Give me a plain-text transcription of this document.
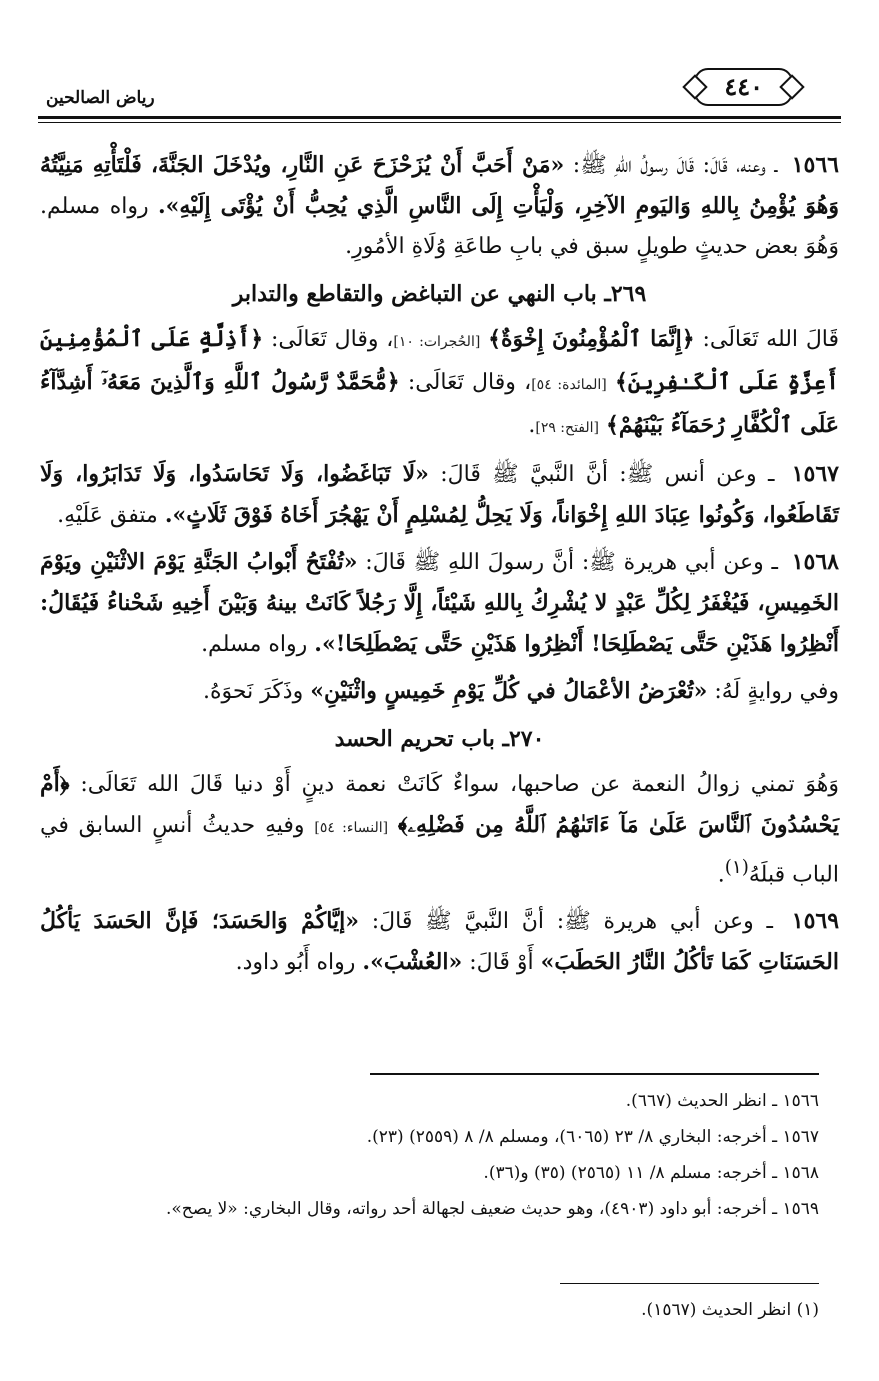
٤٤٠
رياض الصالحين

١٥٦٦ ـ وعنه، قَالَ: قَالَ رسولُ اللهِ ﷺ: «مَنْ أَحَبَّ أَنْ يُزَحْزَحَ عَنِ النَّارِ، ويُدْخَلَ الجَنَّةَ، فَلْتَأْتِهِ مَنِيَّتُهُ وَهُوَ يُؤْمِنُ بِاللهِ وَاليَومِ الآخِرِ، وَلْيَأْتِ إِلَى النَّاسِ الَّذِي يُحِبُّ أَنْ يُؤْتَى إِلَيْهِ». رواه مسلم. وَهُوَ بعض حديثٍ طويلٍ سبق في بابِ طاعَةِ وُلَاةِ الأمُورِ.

٢٦٩ـ باب النهي عن التباغض والتقاطع والتدابر

قَالَ الله تَعَالَى: ﴿إِنَّمَا ٱلْمُؤْمِنُونَ إِخْوَةٌ﴾ [الحُجرات: ١٠]، وقال تَعَالَى: ﴿أَذِلَّةٍ عَلَى ٱلْمُؤْمِنِينَ أَعِزَّةٍ عَلَى ٱلْكَـٰفِرِينَ﴾ [المائدة: ٥٤]، وقال تَعَالَى: ﴿مُّحَمَّدٌ رَّسُولُ ٱللَّهِ وَٱلَّذِينَ مَعَهُۥٓ أَشِدَّآءُ عَلَى ٱلْكُفَّارِ رُحَمَآءُ بَيْنَهُمْ﴾ [الفتح: ٢٩].

١٥٦٧ ـ وعن أنس ﷺ: أنَّ النَّبيَّ ﷺ قَالَ: «لَا تَبَاغَضُوا، وَلَا تَحَاسَدُوا، وَلَا تَدَابَرُوا، وَلَا تَقَاطَعُوا، وَكُونُوا عِبَادَ اللهِ إِخْوَاناً، وَلَا يَحِلُّ لِمُسْلِمٍ أَنْ يَهْجُرَ أَخَاهُ فَوْقَ ثَلَاثٍ». متفق عَلَيْهِ.

١٥٦٨ ـ وعن أبي هريرة ﷺ: أنَّ رسولَ اللهِ ﷺ قَالَ: «تُفْتَحُ أَبْوابُ الجَنَّةِ يَوْمَ الاثْنَيْنِ ويَوْمَ الخَمِيسِ، فَيُغْفَرُ لِكُلِّ عَبْدٍ لا يُشْرِكُ بِاللهِ شَيْئاً، إِلَّا رَجُلاً كَانَتْ بينهُ وَبَيْنَ أَخِيهِ شَحْناءُ فَيُقَالُ: أَنْظِرُوا هَذَيْنِ حَتَّى يَصْطَلِحَا! أَنْظِرُوا هَذَيْنِ حَتَّى يَصْطَلِحَا!». رواه مسلم.

وفي روايةٍ لَهُ: «تُعْرَضُ الأعْمَالُ في كُلِّ يَوْمِ خَمِيسٍ واثْنَيْنِ» وذَكَرَ نَحوَهُ.

٢٧٠ـ باب تحريم الحسد

وَهُوَ تمني زوالُ النعمة عن صاحبها، سواءٌ كَانَتْ نعمة دينٍ أَوْ دنيا قَالَ الله تَعَالَى: ﴿أَمْ يَحْسُدُونَ ٱلنَّاسَ عَلَىٰ مَآ ءَاتَىٰهُمُ ٱللَّهُ مِن فَضْلِهِۦ﴾ [النساء: ٥٤] وفيهِ حديثُ أنسٍ السابق في الباب قبلَهُ$^{(١)}$.

١٥٦٩ ـ وعن أبي هريرة ﷺ: أنَّ النَّبيَّ ﷺ قَالَ: «إيَّاكُمْ وَالحَسَدَ؛ فَإنَّ الحَسَدَ يَأكُلُ الحَسَنَاتِ كَمَا تَأكُلُ النَّارُ الحَطَبَ» أَوْ قَالَ: «العُشْبَ». رواه أَبُو داود.

١٥٦٦ ـ انظر الحديث (٦٦٧).

١٥٦٧ ـ أخرجه: البخاري ٨/ ٢٣ (٦٠٦٥)، ومسلم ٨/ ٨ (٢٥٥٩) (٢٣).

١٥٦٨ ـ أخرجه: مسلم ٨/ ١١ (٢٥٦٥) (٣٥) و(٣٦).

١٥٦٩ ـ أخرجه: أبو داود (٤٩٠٣)، وهو حديث ضعيف لجهالة أحد رواته، وقال البخاري: «لا يصح».

(١) انظر الحديث (١٥٦٧).
